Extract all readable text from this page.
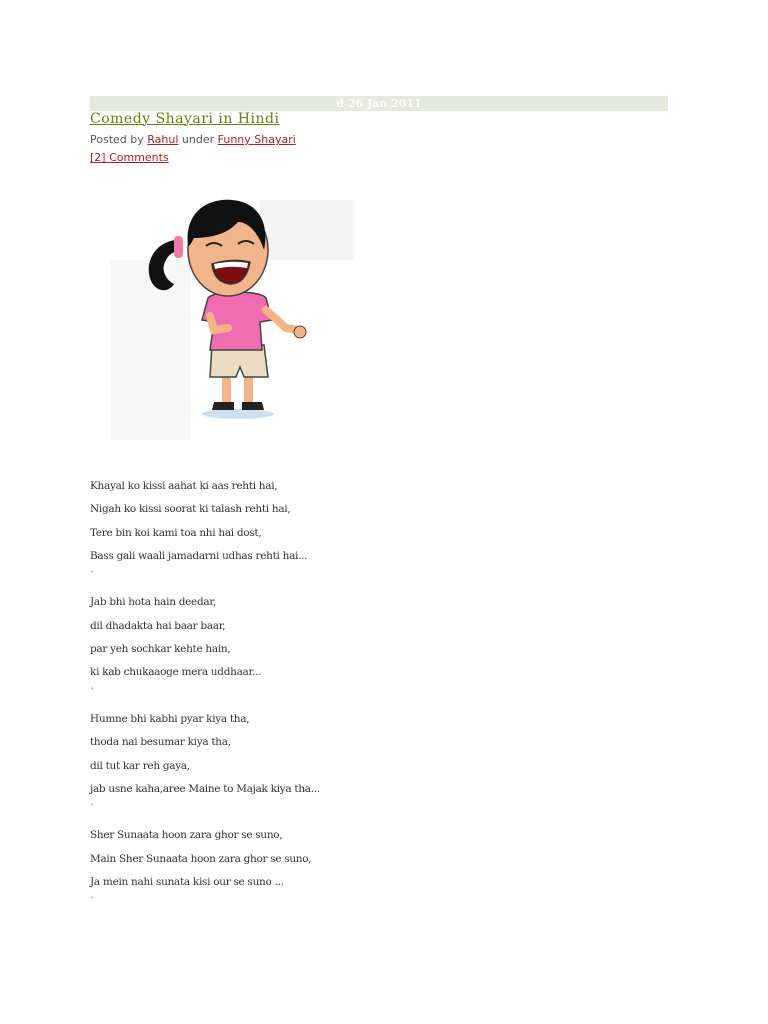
d 26 Jan 2011
Comedy Shayari in Hindi
Posted by Rahul under Funny Shayari
[2] Comments
Khayal ko kissi aahat ki aas rehti hai,
Nigah ko kissi soorat ki talash rehti hai,
Tere bin koi kami toa nhi hai dost,
Bass gali waali jamadarni udhas rehti hai...
`
Jab bhi hota hain deedar,
dil dhadakta hai baar baar,
par yeh sochkar kehte hain,
ki kab chukaaoge mera uddhaar...
`
Humne bhi kabhi pyar kiya tha,
thoda nai besumar kiya tha,
dil tut kar reh gaya,
jab usne kaha,aree Maine to Majak kiya tha...
`
Sher Sunaata hoon zara ghor se suno,
Main Sher Sunaata hoon zara ghor se suno,
Ja mein nahi sunata kisi our se suno ...
`
